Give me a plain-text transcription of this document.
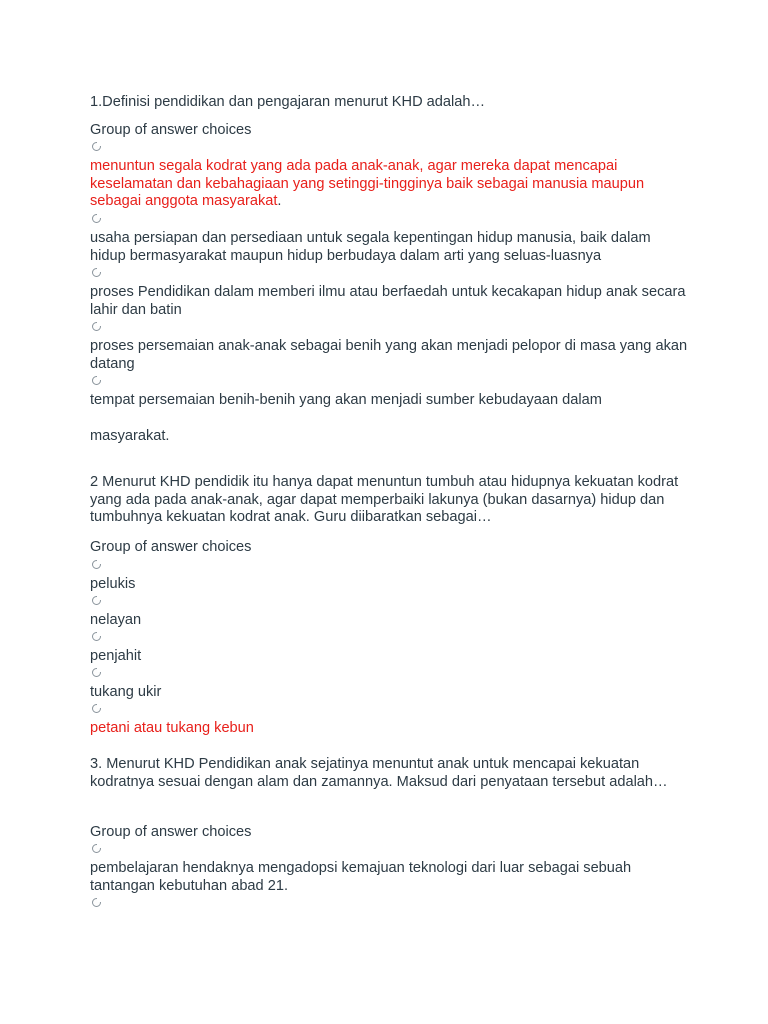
1.Definisi pendidikan dan pengajaran menurut KHD adalah…
Group of answer choices
menuntun segala kodrat yang ada pada anak-anak, agar mereka dapat mencapai keselamatan dan kebahagiaan yang setinggi-tingginya baik sebagai manusia maupun sebagai anggota masyarakat.
usaha persiapan dan persediaan untuk segala kepentingan hidup manusia, baik dalam hidup bermasyarakat maupun hidup berbudaya dalam arti yang seluas-luasnya
proses Pendidikan dalam memberi ilmu atau berfaedah untuk kecakapan hidup anak secara lahir dan batin
proses persemaian anak-anak sebagai benih yang akan menjadi pelopor di masa yang akan datang
tempat persemaian benih-benih yang akan menjadi sumber kebudayaan dalam
masyarakat.
2 Menurut KHD pendidik itu hanya dapat menuntun tumbuh atau hidupnya kekuatan kodrat yang ada pada anak-anak, agar dapat memperbaiki lakunya (bukan dasarnya) hidup dan tumbuhnya kekuatan kodrat anak. Guru diibaratkan sebagai…
Group of answer choices
pelukis
nelayan
penjahit
tukang ukir
petani atau tukang kebun
3. Menurut KHD Pendidikan anak sejatinya menuntut anak untuk mencapai kekuatan kodratnya sesuai dengan alam dan zamannya. Maksud dari penyataan tersebut adalah…
Group of answer choices
pembelajaran hendaknya mengadopsi kemajuan teknologi dari luar sebagai sebuah tantangan kebutuhan abad 21.
